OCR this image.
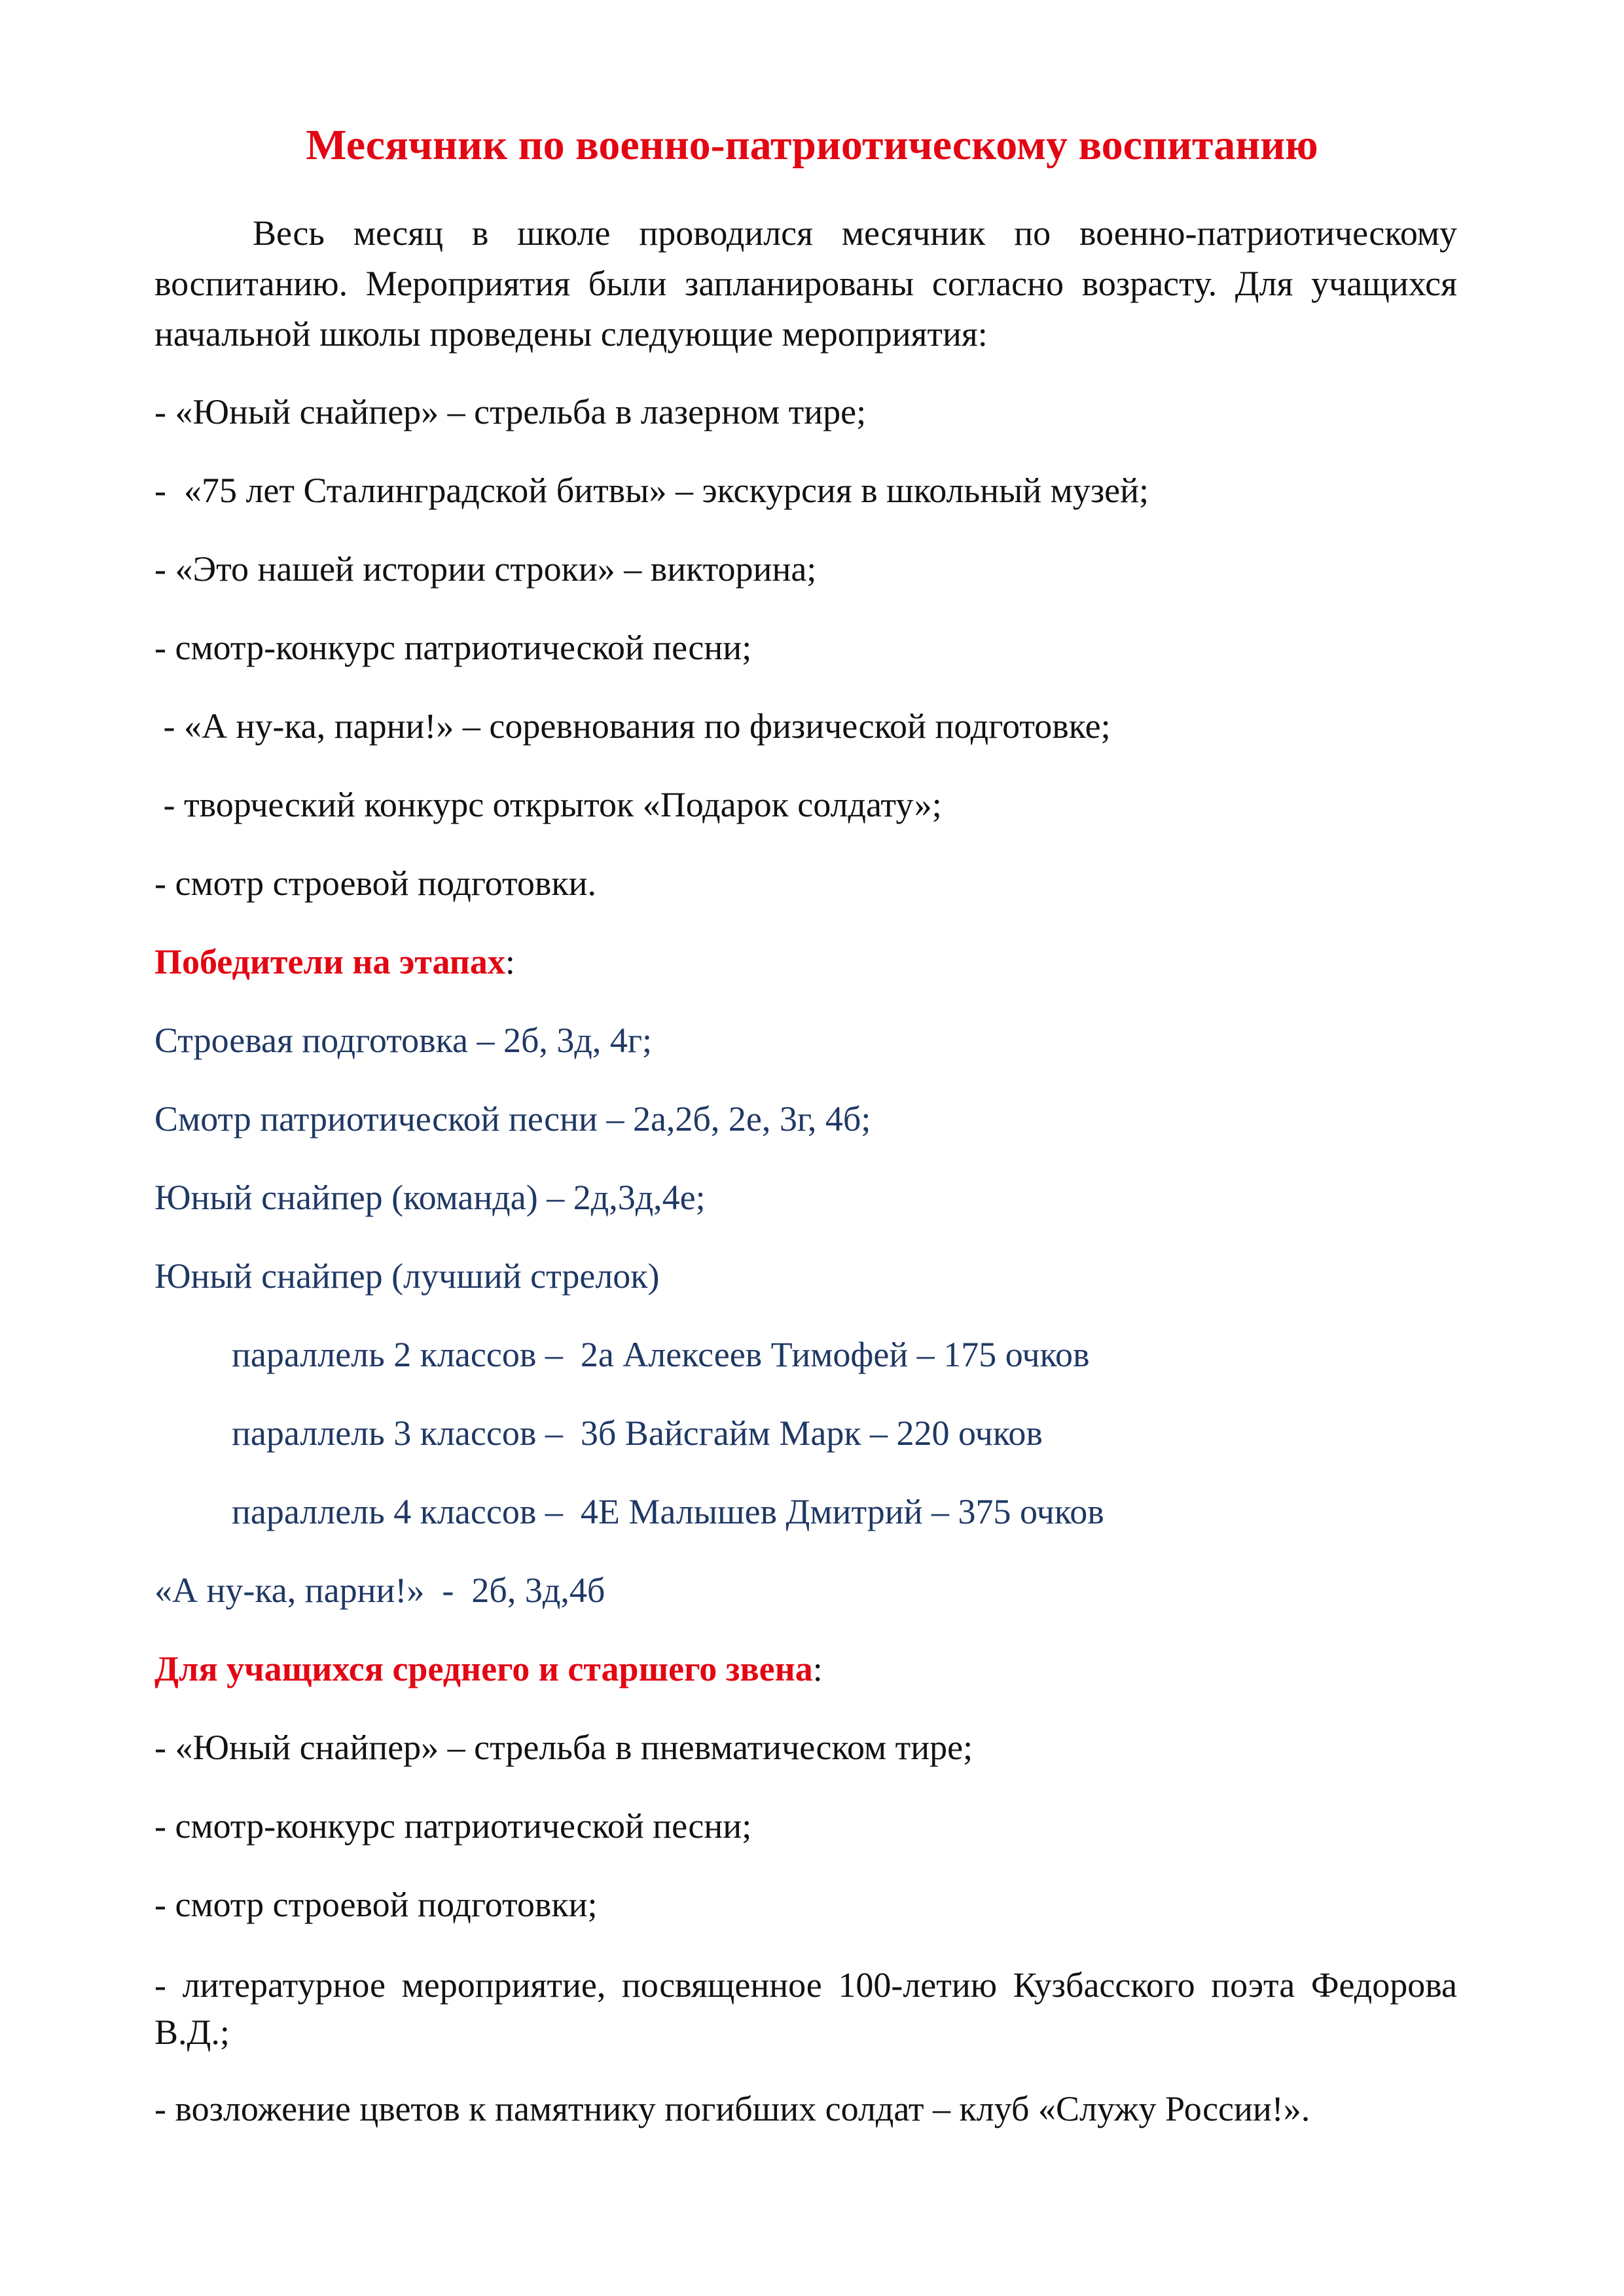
Месячник по военно-патриотическому воспитанию

Весь месяц в школе проводился месячник по военно-патриотическому воспитанию. Мероприятия были запланированы согласно возрасту. Для учащихся начальной школы проведены следующие мероприятия:

- «Юный снайпер» – стрельба в лазерном тире;

-  «75 лет Сталинградской битвы» – экскурсия в школьный музей;

- «Это нашей истории строки» – викторина;

- смотр-конкурс патриотической песни;

- «А ну-ка, парни!» – соревнования по физической подготовке;

- творческий конкурс открыток «Подарок солдату»;

- смотр строевой подготовки.

Победители на этапах:

Строевая подготовка – 2б, 3д, 4г;

Смотр патриотической песни – 2а,2б, 2е, 3г, 4б;

Юный снайпер (команда) – 2д,3д,4е;

Юный снайпер (лучший стрелок)

параллель 2 классов –  2а Алексеев Тимофей – 175 очков

параллель 3 классов –  3б Вайсгайм Марк – 220 очков

параллель 4 классов –  4Е Малышев Дмитрий – 375 очков

«А ну-ка, парни!»  -  2б, 3д,4б

Для учащихся среднего и старшего звена:

- «Юный снайпер» – стрельба в пневматическом тире;

- смотр-конкурс патриотической песни;

- смотр строевой подготовки;

- литературное мероприятие, посвященное 100-летию Кузбасского поэта Федорова В.Д.;

- возложение цветов к памятнику погибших солдат – клуб «Служу России!».
